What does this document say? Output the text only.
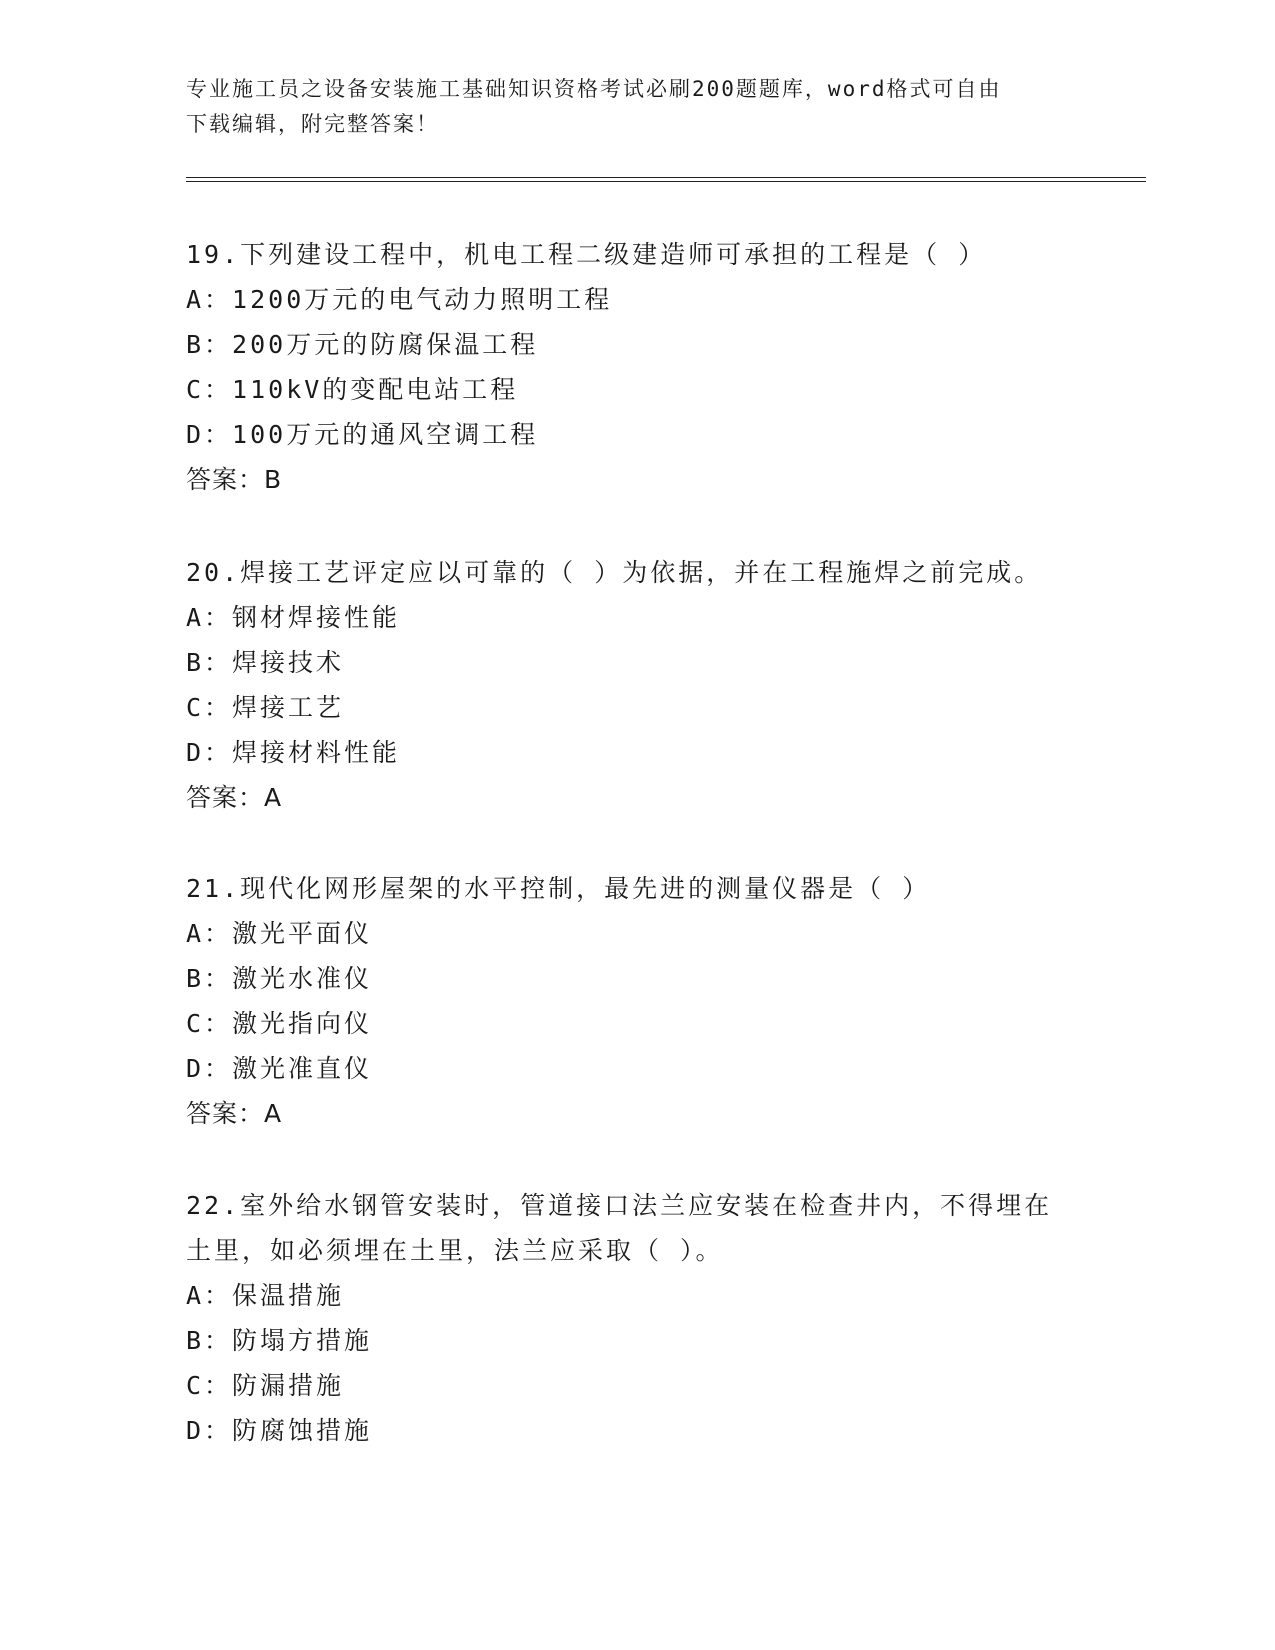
专业施工员之设备安装施工基础知识资格考试必刷200题题库，word格式可自由
下载编辑，附完整答案！
19.下列建设工程中，机电工程二级建造师可承担的工程是（ ）
A：1200万元的电气动力照明工程
B：200万元的防腐保温工程
C：110kV的变配电站工程
D：100万元的通风空调工程
答案：B
20.焊接工艺评定应以可靠的（ ）为依据，并在工程施焊之前完成。
A：钢材焊接性能
B：焊接技术
C：焊接工艺
D：焊接材料性能
答案：A
21.现代化网形屋架的水平控制，最先进的测量仪器是（ ）
A：激光平面仪
B：激光水准仪
C：激光指向仪
D：激光准直仪
答案：A
22.室外给水钢管安装时，管道接口法兰应安装在检查井内，不得埋在
土里，如必须埋在土里，法兰应采取（ ）。
A：保温措施
B：防塌方措施
C：防漏措施
D：防腐蚀措施
